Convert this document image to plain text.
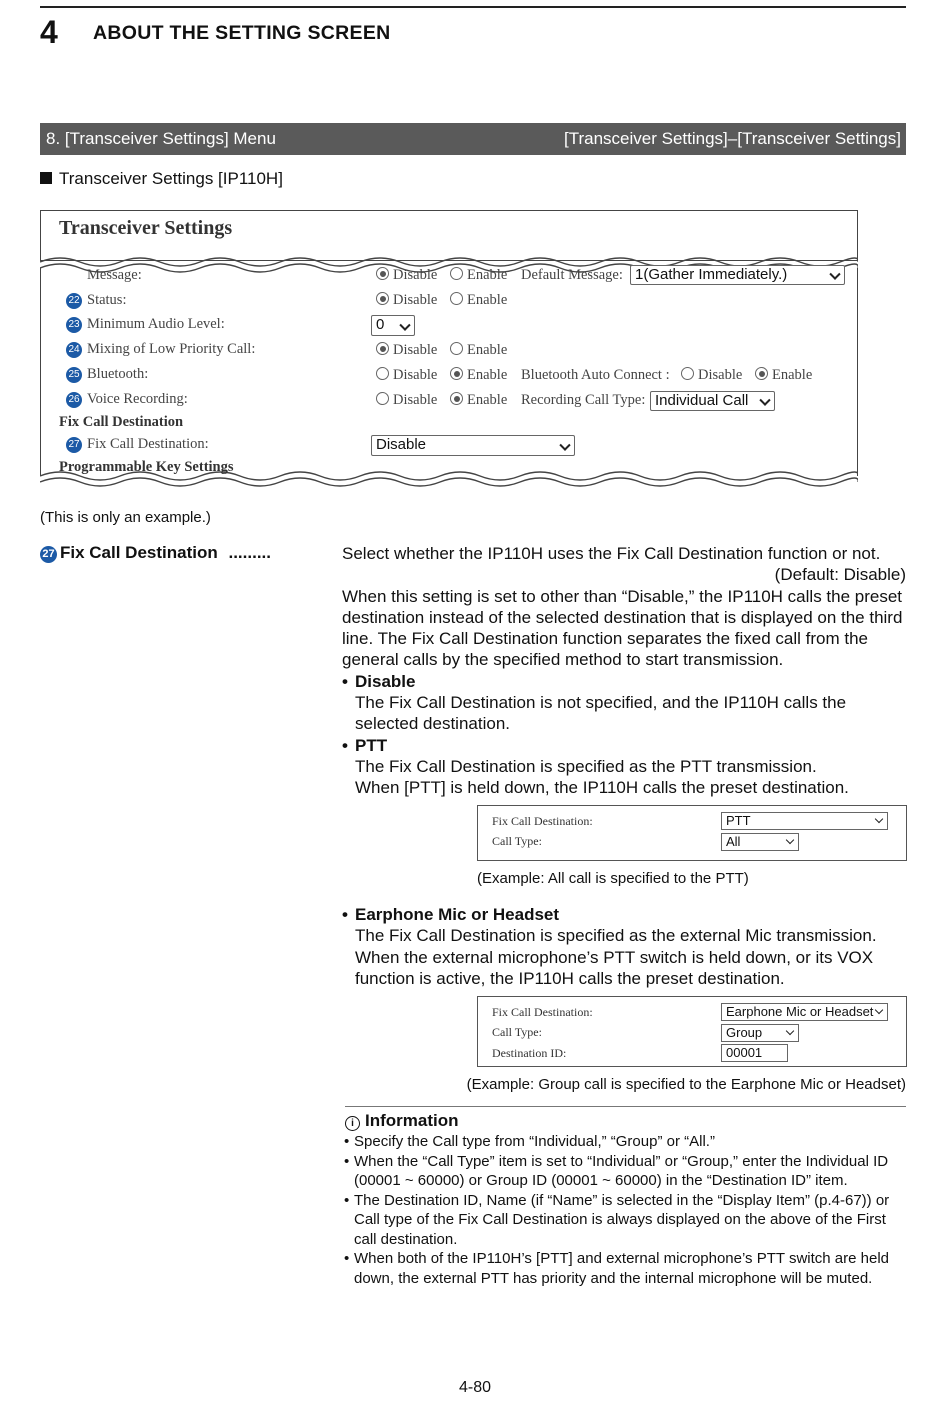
4 ABOUT THE SETTING SCREEN
8. [Transceiver Settings] Menu	[Transceiver Settings]–[Transceiver Settings]
Transceiver Settings [IP110H]
Transceiver Settings
Message:	Disable	Enable Default Message: 1(Gather Immediately.)
22 Status:	Disable	Enable
23 Minimum Audio Level:	0
24 Mixing of Low Priority Call:	Disable	Enable
25 Bluetooth:	Disable	Enable Bluetooth Auto Connect :	Disable	Enable
26 Voice Recording:	Disable	Enable Recording Call Type: Individual Call
Fix Call Destination
27 Fix Call Destination:	Disable
Programmable Key Settings
(This is only an example.)
27 Fix Call Destination .........	Select whether the IP110H uses the Fix Call Destination function or not.
(Default: Disable)
When this setting is set to other than “Disable,” the IP110H calls the preset destination instead of the selected destination that is displayed on the third line. The Fix Call Destination function separates the fixed call from the general calls by the specified method to start transmission.
• Disable
The Fix Call Destination is not specified, and the IP110H calls the selected destination.
• PTT
The Fix Call Destination is specified as the PTT transmission.
When [PTT] is held down, the IP110H calls the preset destination.
Fix Call Destination:	PTT
Call Type:	All
(Example: All call is specified to the PTT)
• Earphone Mic or Headset
The Fix Call Destination is specified as the external Mic transmission. When the external microphone’s PTT switch is held down, or its VOX function is active, the IP110H calls the preset destination.
Fix Call Destination:	Earphone Mic or Headset
Call Type:	Group
Destination ID:	00001
(Example: Group call is specified to the Earphone Mic or Headset)
i Information
• Specify the Call type from “Individual,” “Group” or “All.”
• When the “Call Type” item is set to “Individual” or “Group,” enter the Individual ID (00001 ~ 60000) or Group ID (00001 ~ 60000) in the “Destination ID” item.
• The Destination ID, Name (if “Name” is selected in the “Display Item” (p.4-67)) or Call type of the Fix Call Destination is always displayed on the above of the First call destination.
• When both of the IP110H’s [PTT] and external microphone’s PTT switch are held down, the external PTT has priority and the internal microphone will be muted.
4-80
